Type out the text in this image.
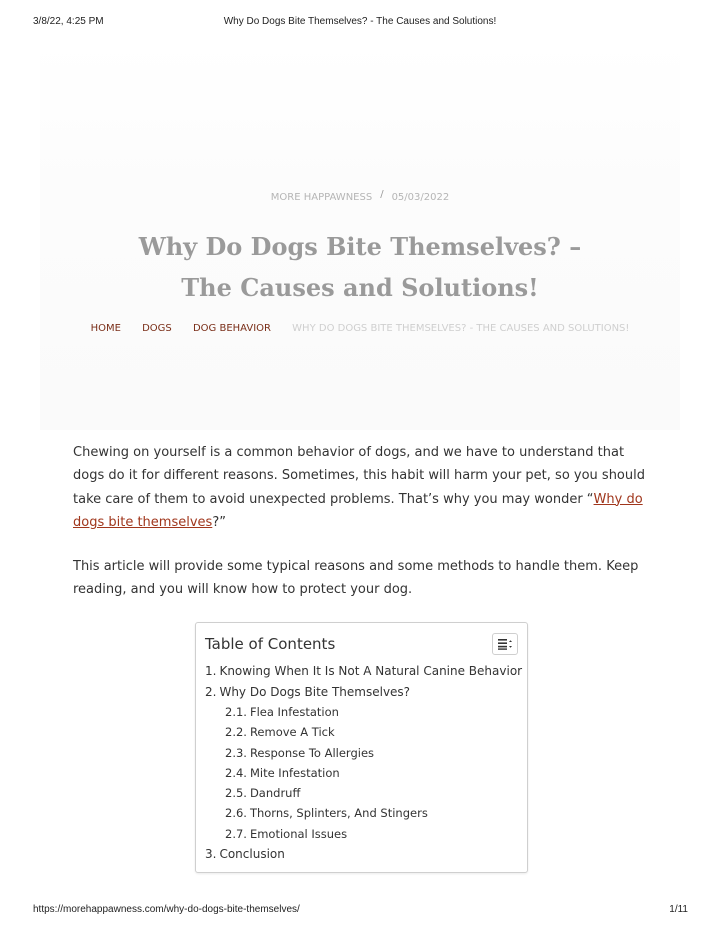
3/8/22, 4:25 PM	Why Do Dogs Bite Themselves? - The Causes and Solutions!
MORE HAPPAWNESS / 05/03/2022
Why Do Dogs Bite Themselves? – The Causes and Solutions!
HOME DOGS DOG BEHAVIOR WHY DO DOGS BITE THEMSELVES? - THE CAUSES AND SOLUTIONS!

Chewing on yourself is a common behavior of dogs, and we have to understand that dogs do it for different reasons. Sometimes, this habit will harm your pet, so you should take care of them to avoid unexpected problems. That’s why you may wonder “Why do dogs bite themselves?”

This article will provide some typical reasons and some methods to handle them. Keep reading, and you will know how to protect your dog.

Table of Contents
1. Knowing When It Is Not A Natural Canine Behavior
2. Why Do Dogs Bite Themselves?
2.1. Flea Infestation
2.2. Remove A Tick
2.3. Response To Allergies
2.4. Mite Infestation
2.5. Dandruff
2.6. Thorns, Splinters, And Stingers
2.7. Emotional Issues
3. Conclusion
https://morehappawness.com/why-do-dogs-bite-themselves/	1/11
